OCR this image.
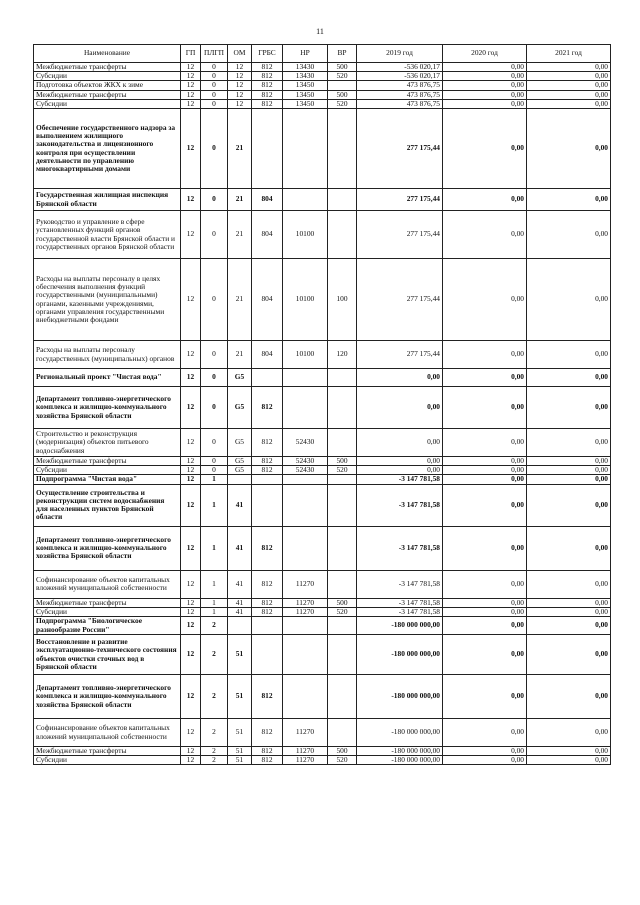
11
Наименование	ГП	ПЛГП	ОМ	ГРБС	НР	ВР	2019 год	2020 год	2021 год
Межбюджетные трансферты	12	0	12	812	13430	500	-536 020,17	0,00	0,00
Субсидии	12	0	12	812	13430	520	-536 020,17	0,00	0,00
Подготовка объектов ЖКХ к зиме	12	0	12	812	13450		473 876,75	0,00	0,00
Межбюджетные трансферты	12	0	12	812	13450	500	473 876,75	0,00	0,00
Субсидии	12	0	12	812	13450	520	473 876,75	0,00	0,00
Обеспечение государственного надзора за выполнением жилищного законодательства и лицензионного контроля при осуществлении деятельности по управлению многоквартирными домами	12	0	21				277 175,44	0,00	0,00
Государственная жилищная инспекция Брянской области	12	0	21	804			277 175,44	0,00	0,00
Руководство и управление в сфере установленных функций органов государственной власти Брянской области и государственных органов Брянской области	12	0	21	804	10100		277 175,44	0,00	0,00
Расходы на выплаты персоналу в целях обеспечения выполнения функций государственными (муниципальными) органами, казенными учреждениями, органами управления государственными внебюджетными фондами	12	0	21	804	10100	100	277 175,44	0,00	0,00
Расходы на выплаты персоналу государственных (муниципальных) органов	12	0	21	804	10100	120	277 175,44	0,00	0,00
Региональный проект "Чистая вода"	12	0	G5				0,00	0,00	0,00
Департамент топливно-энергетического комплекса и жилищно-коммунального хозяйства Брянской области	12	0	G5	812			0,00	0,00	0,00
Строительство и реконструкция (модернизация) объектов питьевого водоснабжения	12	0	G5	812	52430		0,00	0,00	0,00
Межбюджетные трансферты	12	0	G5	812	52430	500	0,00	0,00	0,00
Субсидии	12	0	G5	812	52430	520	0,00	0,00	0,00
Подпрограмма "Чистая вода"	12	1					-3 147 781,58	0,00	0,00
Осуществление строительства и реконструкции систем водоснабжения для населенных пунктов Брянской области	12	1	41				-3 147 781,58	0,00	0,00
Департамент топливно-энергетического комплекса и жилищно-коммунального хозяйства Брянской области	12	1	41	812			-3 147 781,58	0,00	0,00
Софинансирование объектов капитальных вложений муниципальной собственности	12	1	41	812	11270		-3 147 781,58	0,00	0,00
Межбюджетные трансферты	12	1	41	812	11270	500	-3 147 781,58	0,00	0,00
Субсидии	12	1	41	812	11270	520	-3 147 781,58	0,00	0,00
Подпрограмма "Биологическое разнообразие России"	12	2					-180 000 000,00	0,00	0,00
Восстановление и развитие эксплуатационно-технического состояния объектов очистки сточных вод в Брянской области	12	2	51				-180 000 000,00	0,00	0,00
Департамент топливно-энергетического комплекса и жилищно-коммунального хозяйства Брянской области	12	2	51	812			-180 000 000,00	0,00	0,00
Софинансирование объектов капитальных вложений муниципальной собственности	12	2	51	812	11270		-180 000 000,00	0,00	0,00
Межбюджетные трансферты	12	2	51	812	11270	500	-180 000 000,00	0,00	0,00
Субсидии	12	2	51	812	11270	520	-180 000 000,00	0,00	0,00
